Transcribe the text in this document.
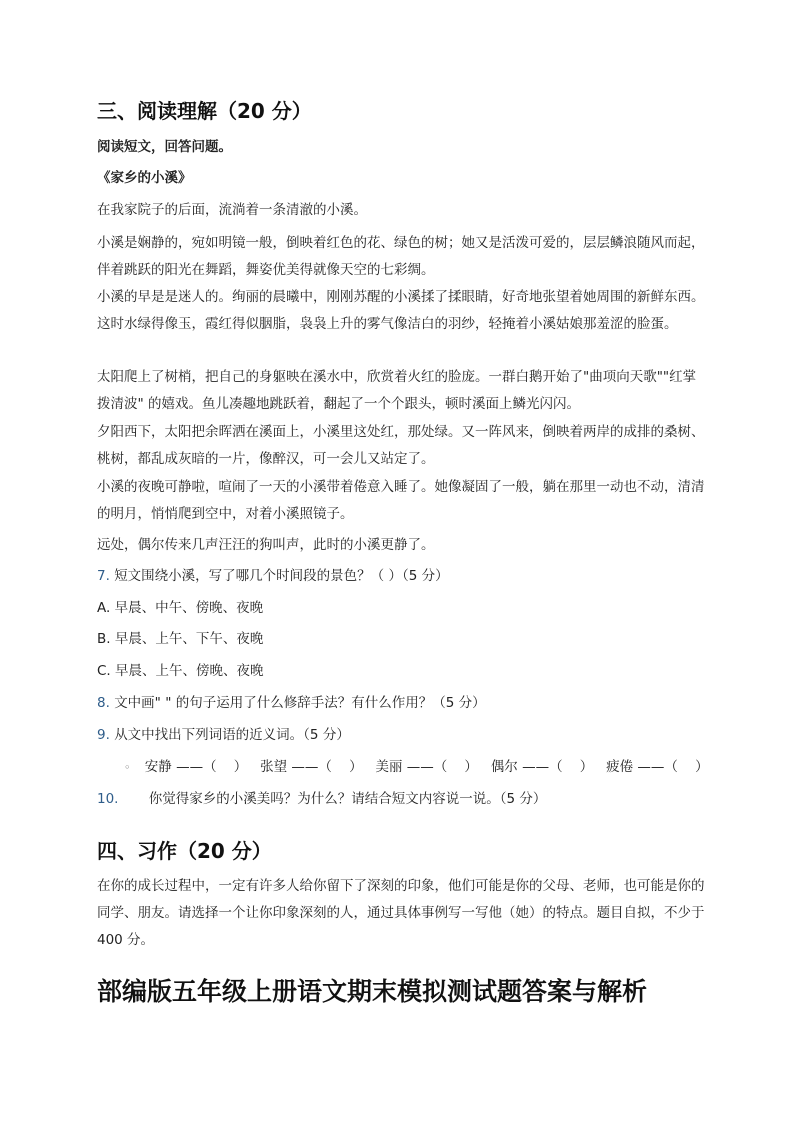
三、阅读理解（20 分）
阅读短文，回答问题。
《家乡的小溪》
在我家院子的后面，流淌着一条清澈的小溪。
小溪是娴静的，宛如明镜一般，倒映着红色的花、绿色的树；她又是活泼可爱的，层层鳞浪随风而起，伴着跳跃的阳光在舞蹈，舞姿优美得就像天空的七彩绸。
小溪的早是是迷人的。绚丽的晨曦中，刚刚苏醒的小溪揉了揉眼睛，好奇地张望着她周围的新鲜东西。这时水绿得像玉，霞红得似胭脂，袅袅上升的雾气像洁白的羽纱，轻掩着小溪姑娘那羞涩的脸蛋。
太阳爬上了树梢，把自己的身躯映在溪水中，欣赏着火红的脸庞。一群白鹅开始了"曲项向天歌""红掌拨清波" 的嬉戏。鱼儿凑趣地跳跃着，翻起了一个个跟头，顿时溪面上鳞光闪闪。
夕阳西下，太阳把余晖洒在溪面上，小溪里这处红，那处绿。又一阵风来，倒映着两岸的成排的桑树、桃树，都乱成灰暗的一片，像醉汉，可一会儿又站定了。
小溪的夜晚可静啦，喧闹了一天的小溪带着倦意入睡了。她像凝固了一般，躺在那里一动也不动，清清的明月，悄悄爬到空中，对着小溪照镜子。
远处，偶尔传来几声汪汪的狗叫声，此时的小溪更静了。
7. 短文围绕小溪，写了哪几个时间段的景色？（ ）（5 分）
A. 早晨、中午、傍晚、夜晚
B. 早晨、上午、下午、夜晚
C. 早晨、上午、傍晚、夜晚
8. 文中画" " 的句子运用了什么修辞手法？有什么作用？（5 分）
9. 从文中找出下列词语的近义词。（5 分）
◦ 安静 ——（    ）   张望 ——（    ）   美丽 ——（    ）   偶尔 ——（    ）   疲倦 ——（    ）
10. 你觉得家乡的小溪美吗？为什么？请结合短文内容说一说。（5 分）
四、习作（20 分）
在你的成长过程中，一定有许多人给你留下了深刻的印象，他们可能是你的父母、老师，也可能是你的同学、朋友。请选择一个让你印象深刻的人，通过具体事例写一写他（她）的特点。题目自拟，不少于400 分。
部编版五年级上册语文期末模拟测试题答案与解析
